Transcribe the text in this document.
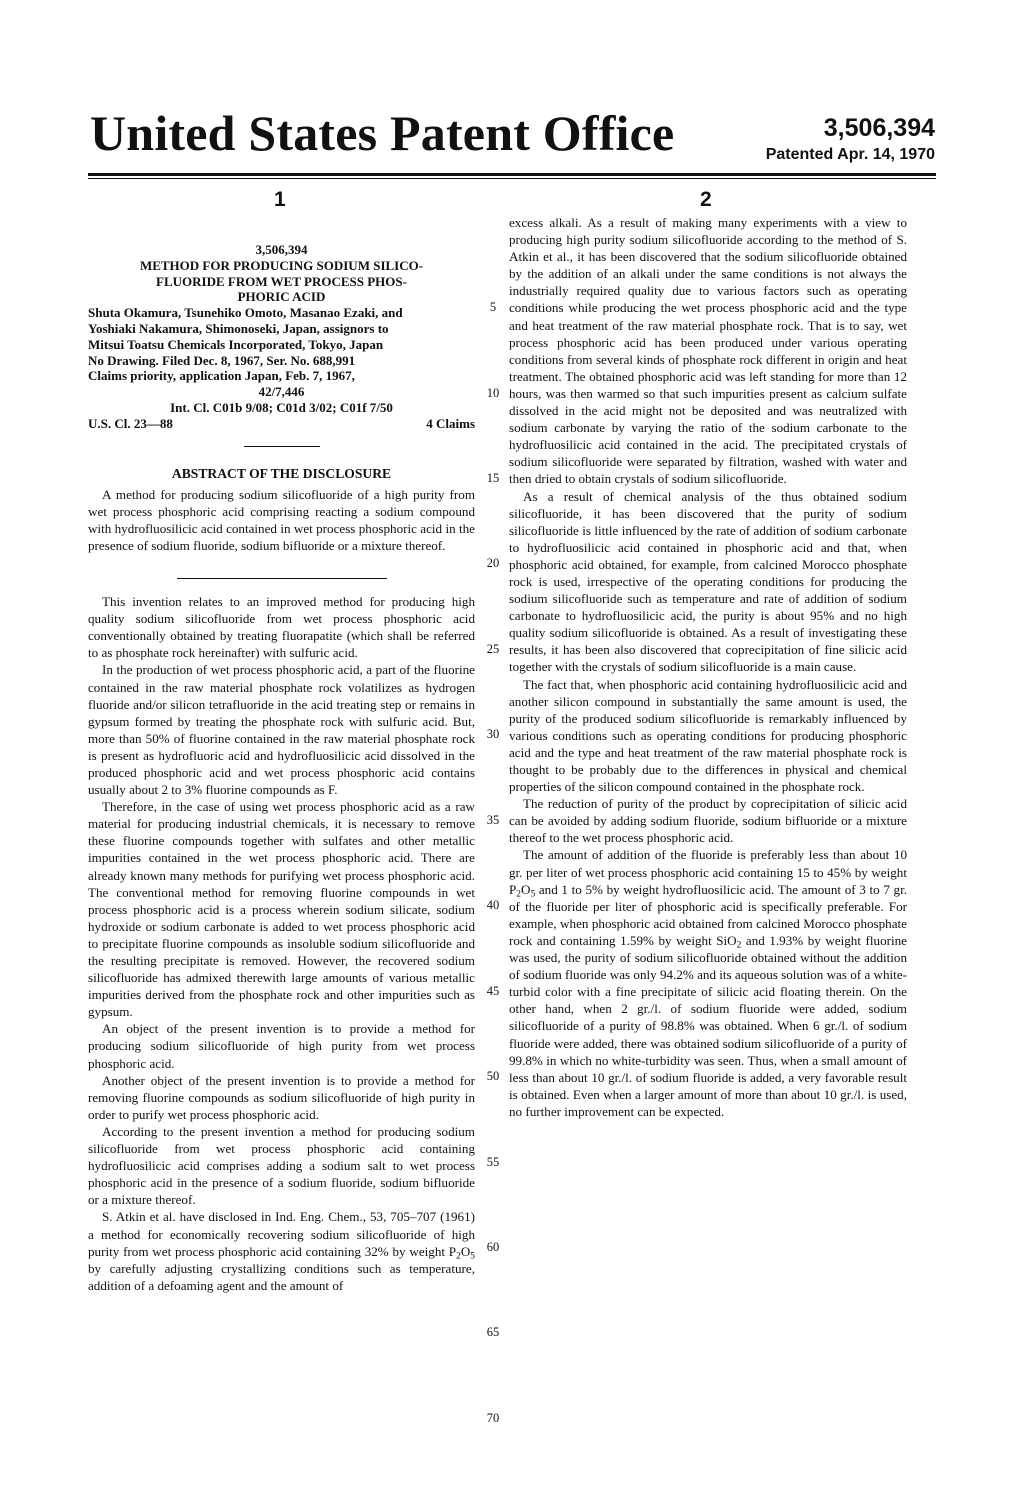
United States Patent Office	3,506,394
Patented Apr. 14, 1970
1	2
3,506,394
METHOD FOR PRODUCING SODIUM SILICO-
FLUORIDE FROM WET PROCESS PHOS-
PHORIC ACID
Shuta Okamura, Tsunehiko Omoto, Masanao Ezaki, and
Yoshiaki Nakamura, Shimonoseki, Japan, assignors to
Mitsui Toatsu Chemicals Incorporated, Tokyo, Japan
No Drawing. Filed Dec. 8, 1967, Ser. No. 688,991
Claims priority, application Japan, Feb. 7, 1967,
42/7,446
Int. Cl. C01b 9/08; C01d 3/02; C01f 7/50
U.S. Cl. 23—88	4 Claims
ABSTRACT OF THE DISCLOSURE

A method for producing sodium silicofluoride of a high purity from wet process phosphoric acid comprising reacting a sodium compound with hydrofluosilicic acid contained in wet process phosphoric acid in the presence of sodium fluoride, sodium bifluoride or a mixture thereof.

This invention relates to an improved method for producing high quality sodium silicofluoride from wet process phosphoric acid conventionally obtained by treating fluorapatite (which shall be referred to as phosphate rock hereinafter) with sulfuric acid.

In the production of wet process phosphoric acid, a part of the fluorine contained in the raw material phosphate rock volatilizes as hydrogen fluoride and/or silicon tetrafluoride in the acid treating step or remains in gypsum formed by treating the phosphate rock with sulfuric acid. But, more than 50% of fluorine contained in the raw material phosphate rock is present as hydrofluoric acid and hydrofluosilicic acid dissolved in the produced phosphoric acid and wet process phosphoric acid contains usually about 2 to 3% fluorine compounds as F.

Therefore, in the case of using wet process phosphoric acid as a raw material for producing industrial chemicals, it is necessary to remove these fluorine compounds together with sulfates and other metallic impurities contained in the wet process phosphoric acid. There are already known many methods for purifying wet process phosphoric acid. The conventional method for removing fluorine compounds in wet process phosphoric acid is a process wherein sodium silicate, sodium hydroxide or sodium carbonate is added to wet process phosphoric acid to precipitate fluorine compounds as insoluble sodium silicofluoride and the resulting precipitate is removed. However, the recovered sodium silicofluoride has admixed therewith large amounts of various metallic impurities derived from the phosphate rock and other impurities such as gypsum.

An object of the present invention is to provide a method for producing sodium silicofluoride of high purity from wet process phosphoric acid.

Another object of the present invention is to provide a method for removing fluorine compounds as sodium silicofluoride of high purity in order to purify wet process phosphoric acid.

According to the present invention a method for producing sodium silicofluoride from wet process phosphoric acid containing hydrofluosilicic acid comprises adding a sodium salt to wet process phosphoric acid in the presence of a sodium fluoride, sodium bifluoride or a mixture thereof.

S. Atkin et al. have disclosed in Ind. Eng. Chem., 53, 705–707 (1961) a method for economically recovering sodium silicofluoride of high purity from wet process phosphoric acid containing 32% by weight $P_2O_5$ by carefully adjusting crystallizing conditions such as temperature, addition of a defoaming agent and the amount of

excess alkali. As a result of making many experiments with a view to producing high purity sodium silicofluoride according to the method of S. Atkin et al., it has been discovered that the sodium silicofluoride obtained by the addition of an alkali under the same conditions is not always the industrially required quality due to various factors such as operating conditions while producing the wet process phosphoric acid and the type and heat treatment of the raw material phosphate rock. That is to say, wet process phosphoric acid has been produced under various operating conditions from several kinds of phosphate rock different in origin and heat treatment. The obtained phosphoric acid was left standing for more than 12 hours, was then warmed so that such impurities present as calcium sulfate dissolved in the acid might not be deposited and was neutralized with sodium carbonate by varying the ratio of the sodium carbonate to the hydrofluosilicic acid contained in the acid. The precipitated crystals of sodium silicofluoride were separated by filtration, washed with water and then dried to obtain crystals of sodium silicofluoride.

As a result of chemical analysis of the thus obtained sodium silicofluoride, it has been discovered that the purity of sodium silicofluoride is little influenced by the rate of addition of sodium carbonate to hydrofluosilicic acid contained in phosphoric acid and that, when phosphoric acid obtained, for example, from calcined Morocco phosphate rock is used, irrespective of the operating conditions for producing the sodium silicofluoride such as temperature and rate of addition of sodium carbonate to hydrofluosilicic acid, the purity is about 95% and no high quality sodium silicofluoride is obtained. As a result of investigating these results, it has been also discovered that coprecipitation of fine silicic acid together with the crystals of sodium silicofluoride is a main cause.

The fact that, when phosphoric acid containing hydrofluosilicic acid and another silicon compound in substantially the same amount is used, the purity of the produced sodium silicofluoride is remarkably influenced by various conditions such as operating conditions for producing phosphoric acid and the type and heat treatment of the raw material phosphate rock is thought to be probably due to the differences in physical and chemical properties of the silicon compound contained in the phosphate rock.

The reduction of purity of the product by coprecipitation of silicic acid can be avoided by adding sodium fluoride, sodium bifluoride or a mixture thereof to the wet process phosphoric acid.

The amount of addition of the fluoride is preferably less than about 10 gr. per liter of wet process phosphoric acid containing 15 to 45% by weight $P_2O_5$ and 1 to 5% by weight hydrofluosilicic acid. The amount of 3 to 7 gr. of the fluoride per liter of phosphoric acid is specifically preferable. For example, when phosphoric acid obtained from calcined Morocco phosphate rock and containing 1.59% by weight SiO$_2$ and 1.93% by weight fluorine was used, the purity of sodium silicofluoride obtained without the addition of sodium fluoride was only 94.2% and its aqueous solution was of a white-turbid color with a fine precipitate of silicic acid floating therein. On the other hand, when 2 gr./l. of sodium fluoride were added, sodium silicofluoride of a purity of 98.8% was obtained. When 6 gr./l. of sodium fluoride were added, there was obtained sodium silicofluoride of a purity of 99.8% in which no white-turbidity was seen. Thus, when a small amount of less than about 10 gr./l. of sodium fluoride is added, a very favorable result is obtained. Even when a larger amount of more than about 10 gr./l. is used, no further improvement can be expected.

5
10
15
20
25
30
35
40
45
50
55
60
65
70
